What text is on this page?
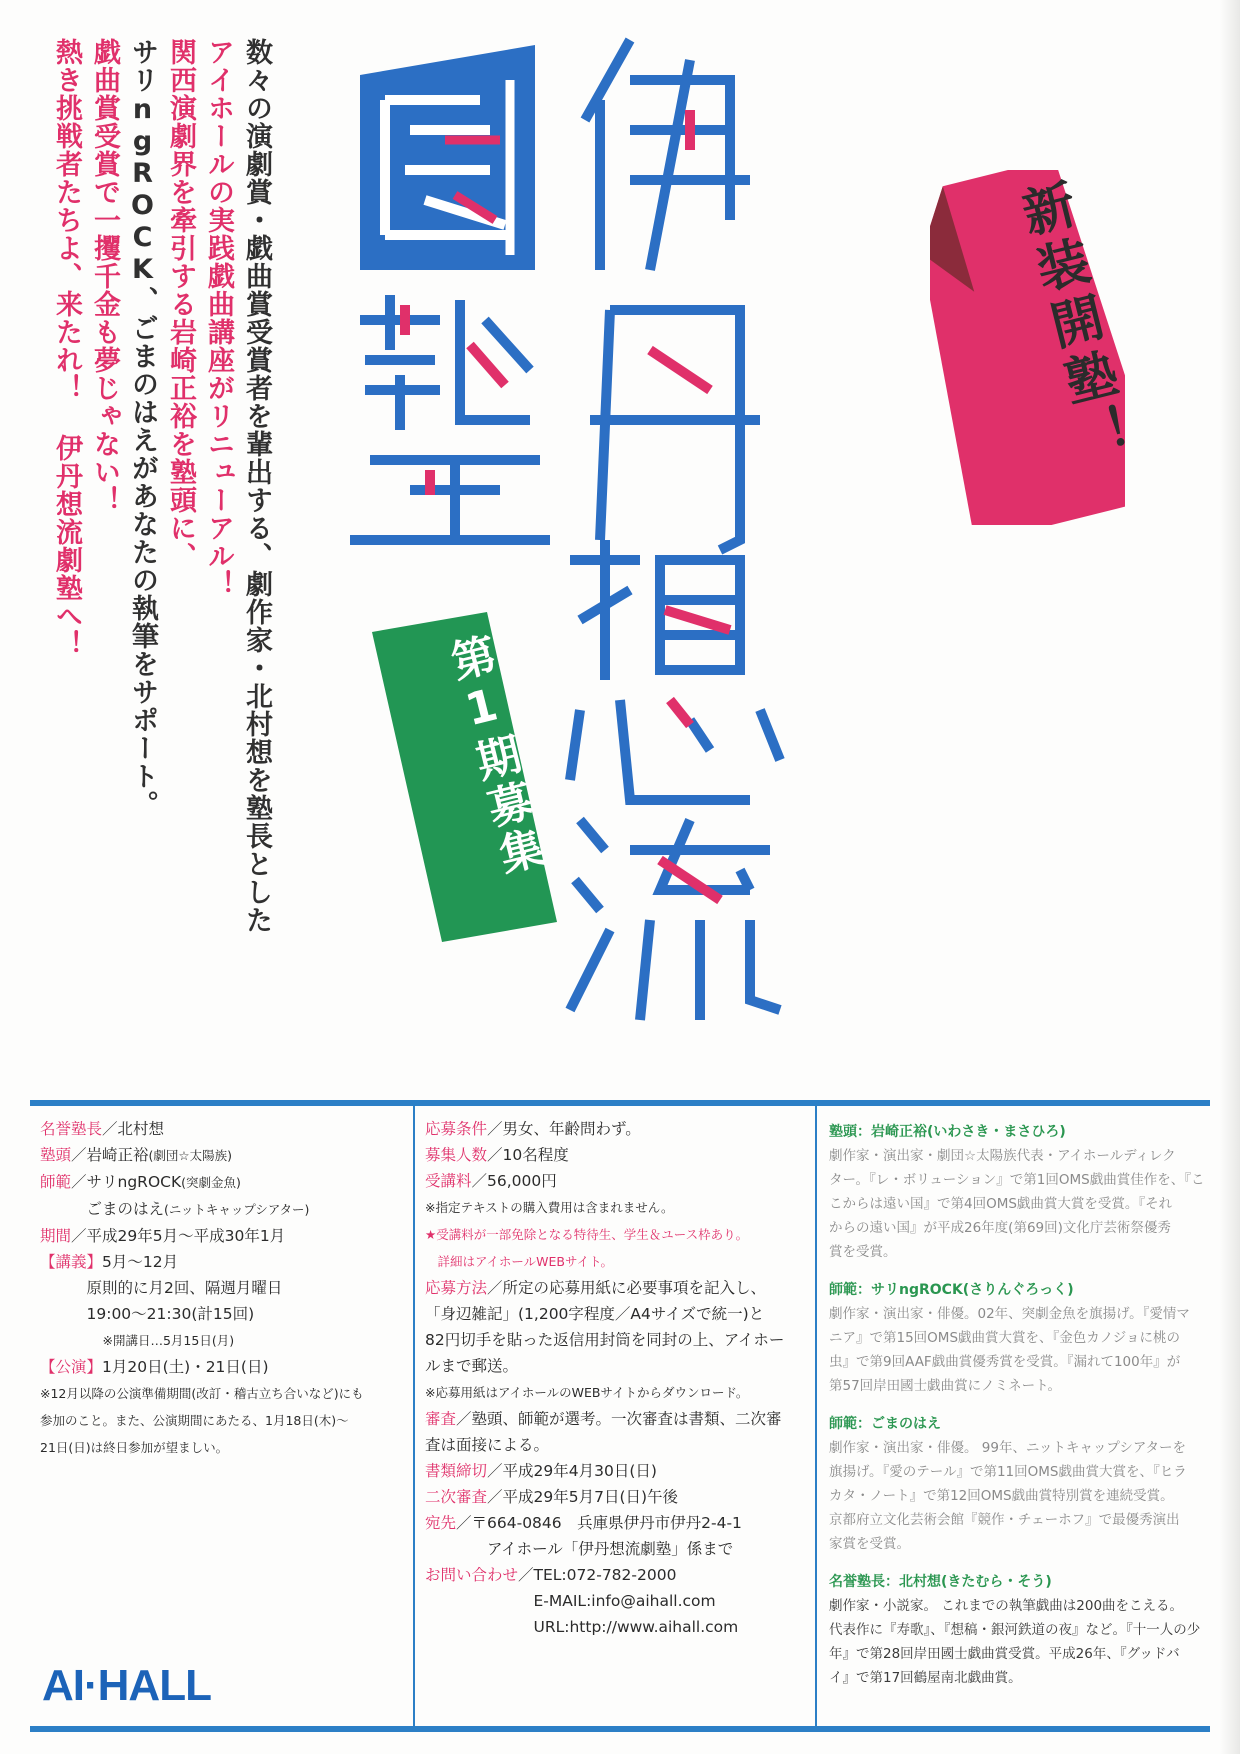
数々の演劇賞・戯曲賞受賞者を輩出する、劇作家・北村想を塾長とした
アイホールの実践戯曲講座がリニューアル！
関西演劇界を牽引する岩崎正裕を塾頭に、
サリngROCK、ごまのはえがあなたの執筆をサポート。
戯曲賞受賞で一攫千金も夢じゃない！
熱き挑戦者たちよ、来たれ！ 伊丹想流劇塾へ！	新装開塾！
第1期募集
名誉塾長／北村想
塾頭／岩崎正裕(劇団☆太陽族)
師範／サリngROCK(突劇金魚)
　　　ごまのはえ(ニットキャップシアター)
期間／平成29年5月〜平成30年1月
【講義】5月〜12月
　　　原則的に月2回、隔週月曜日
　　　19:00〜21:30(計15回)
　　　　　※開講日…5月15日(月)
【公演】1月20日(土)・21日(日)
※12月以降の公演準備期間(改訂・稽古立ち合いなど)にも
参加のこと。また、公演期間にあたる、1月18日(木)〜
21日(日)は終日参加が望ましい。
AI·HALL
応募条件／男女、年齢問わず。
募集人数／10名程度
受講料／56,000円
※指定テキストの購入費用は含まれません。
★受講料が一部免除となる特待生、学生＆ユース枠あり。
　詳細はアイホールWEBサイト。
応募方法／所定の応募用紙に必要事項を記入し、
「身辺雑記」(1,200字程度／A4サイズで統一)と
82円切手を貼った返信用封筒を同封の上、アイホー
ルまで郵送。
※応募用紙はアイホールのWEBサイトからダウンロード。
審査／塾頭、師範が選考。一次審査は書類、二次審
査は面接による。
書類締切／平成29年4月30日(日)
二次審査／平成29年5月7日(日)午後
宛先／〒664-0846　兵庫県伊丹市伊丹2-4-1
　　　　アイホール「伊丹想流劇塾」係まで
お問い合わせ／TEL:072-782-2000
　　　　　　　E-MAIL:info@aihall.com
　　　　　　　URL:http://www.aihall.com
塾頭：岩崎正裕(いわさき・まさひろ)
劇作家・演出家・劇団☆太陽族代表・アイホールディレク
ター。『レ・ボリューション』で第1回OMS戯曲賞佳作を、『こ
こからは遠い国』で第4回OMS戯曲賞大賞を受賞。『それ
からの遠い国』が平成26年度(第69回)文化庁芸術祭優秀
賞を受賞。
師範：サリngROCK(さりんぐろっく)
劇作家・演出家・俳優。02年、突劇金魚を旗揚げ。『愛情マ
ニア』で第15回OMS戯曲賞大賞を、『金色カノジョに桃の
虫』で第9回AAF戯曲賞優秀賞を受賞。『漏れて100年』が
第57回岸田國士戯曲賞にノミネート。
師範：ごまのはえ
劇作家・演出家・俳優。 99年、ニットキャップシアターを
旗揚げ。『愛のテール』で第11回OMS戯曲賞大賞を、『ヒラ
カタ・ノート』で第12回OMS戯曲賞特別賞を連続受賞。
京都府立文化芸術会館『競作・チェーホフ』で最優秀演出
家賞を受賞。
名誉塾長：北村想(きたむら・そう)
劇作家・小説家。 これまでの執筆戯曲は200曲をこえる。
代表作に『寿歌』、『想稿・銀河鉄道の夜』など。『十一人の少
年』で第28回岸田國士戯曲賞受賞。平成26年、『グッドバ
イ』で第17回鶴屋南北戯曲賞。
